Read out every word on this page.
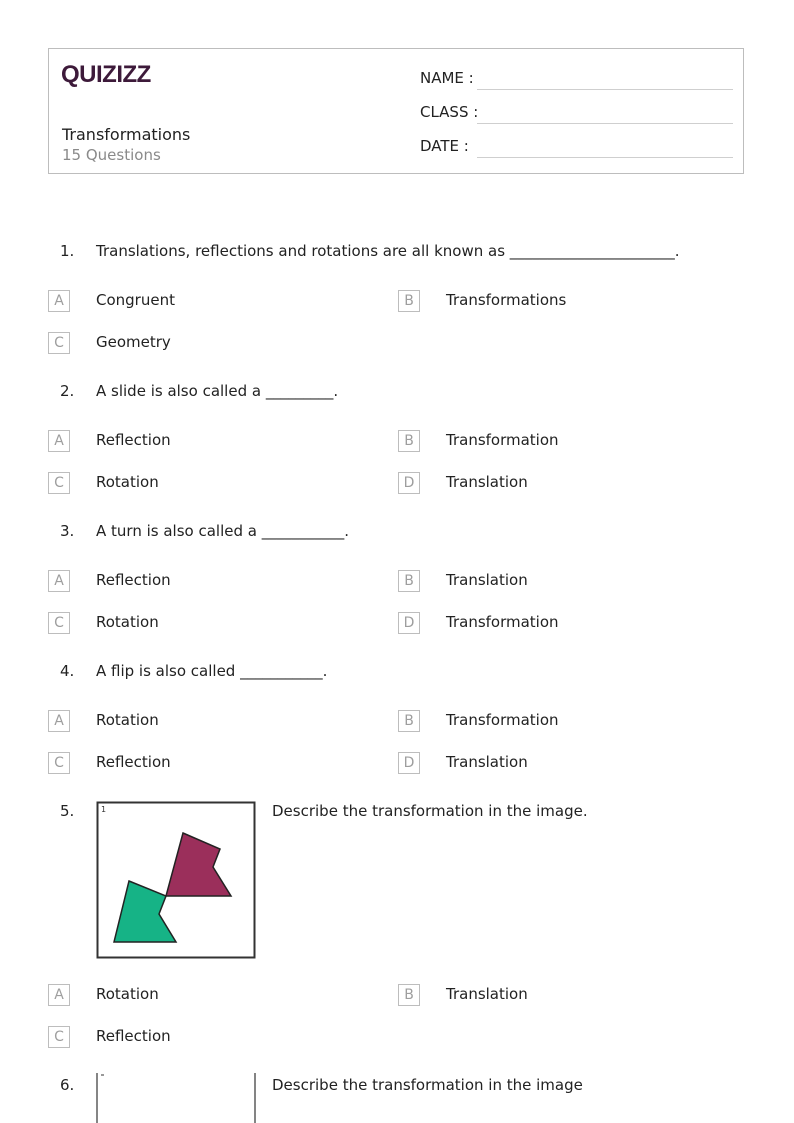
QUIZIZZ
Transformations
15 Questions
NAME :
CLASS :
DATE :
1. Translations, reflections and rotations are all known as ______________________.
A	Congruent	B	Transformations
C	Geometry
2. A slide is also called a _________.
A	Reflection	B	Transformation
C	Rotation	D	Translation
3. A turn is also called a ___________.
A	Reflection	B	Translation
C	Rotation	D	Transformation
4. A flip is also called ___________.
A	Rotation	B	Transformation
C	Reflection	D	Translation
5.	1	Describe the transformation in the image.
A	Rotation	B	Translation
C	Reflection
6.	Describe the transformation in the image
